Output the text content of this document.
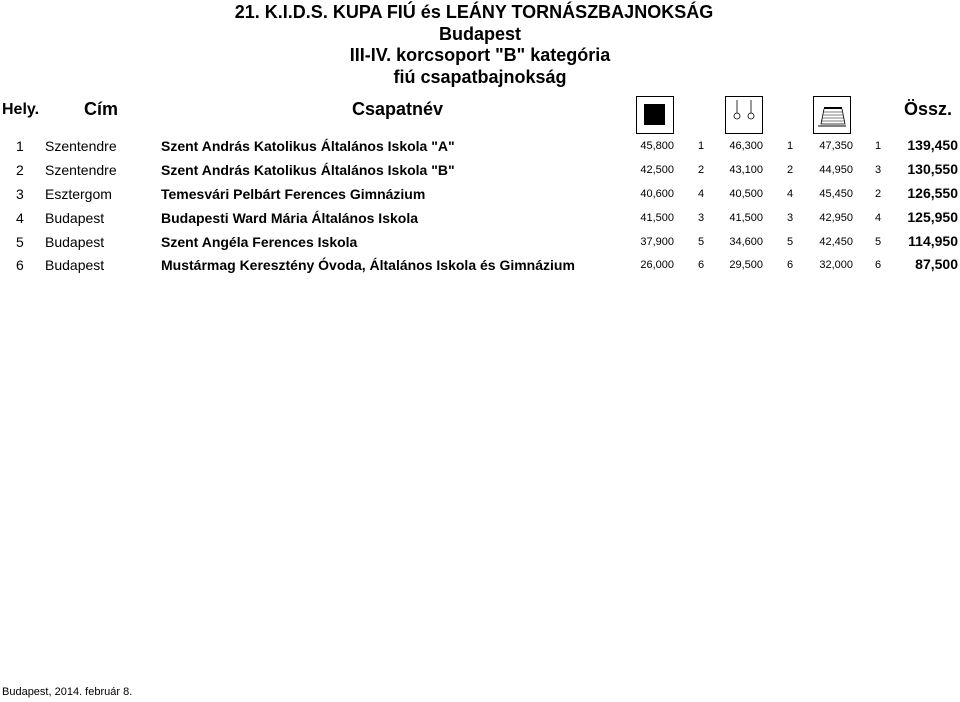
21. K.I.D.S. KUPA FIÚ és LEÁNY TORNÁSZBAJNOKSÁG
Budapest
III-IV. korcsoport "B" kategória
fiú csapatbajnokság
Hely. Cím	Csapatnév	Össz.
1 Szentendre	Szent András Katolikus Általános Iskola "A"	45,800 1	46,300 1	47,350 1	139,450
2 Szentendre	Szent András Katolikus Általános Iskola "B"	42,500 2	43,100 2	44,950 3	130,550
3 Esztergom	Temesvári Pelbárt Ferences Gimnázium	40,600 4	40,500 4	45,450 2	126,550
4 Budapest	Budapesti Ward Mária Általános Iskola	41,500 3	41,500 3	42,950 4	125,950
5 Budapest	Szent Angéla Ferences Iskola	37,900 5	34,600 5	42,450 5	114,950
6 Budapest	Mustármag Keresztény Óvoda, Általános Iskola és Gimnázium	26,000 6	29,500 6	32,000 6	87,500
Budapest, 2014. február 8.
